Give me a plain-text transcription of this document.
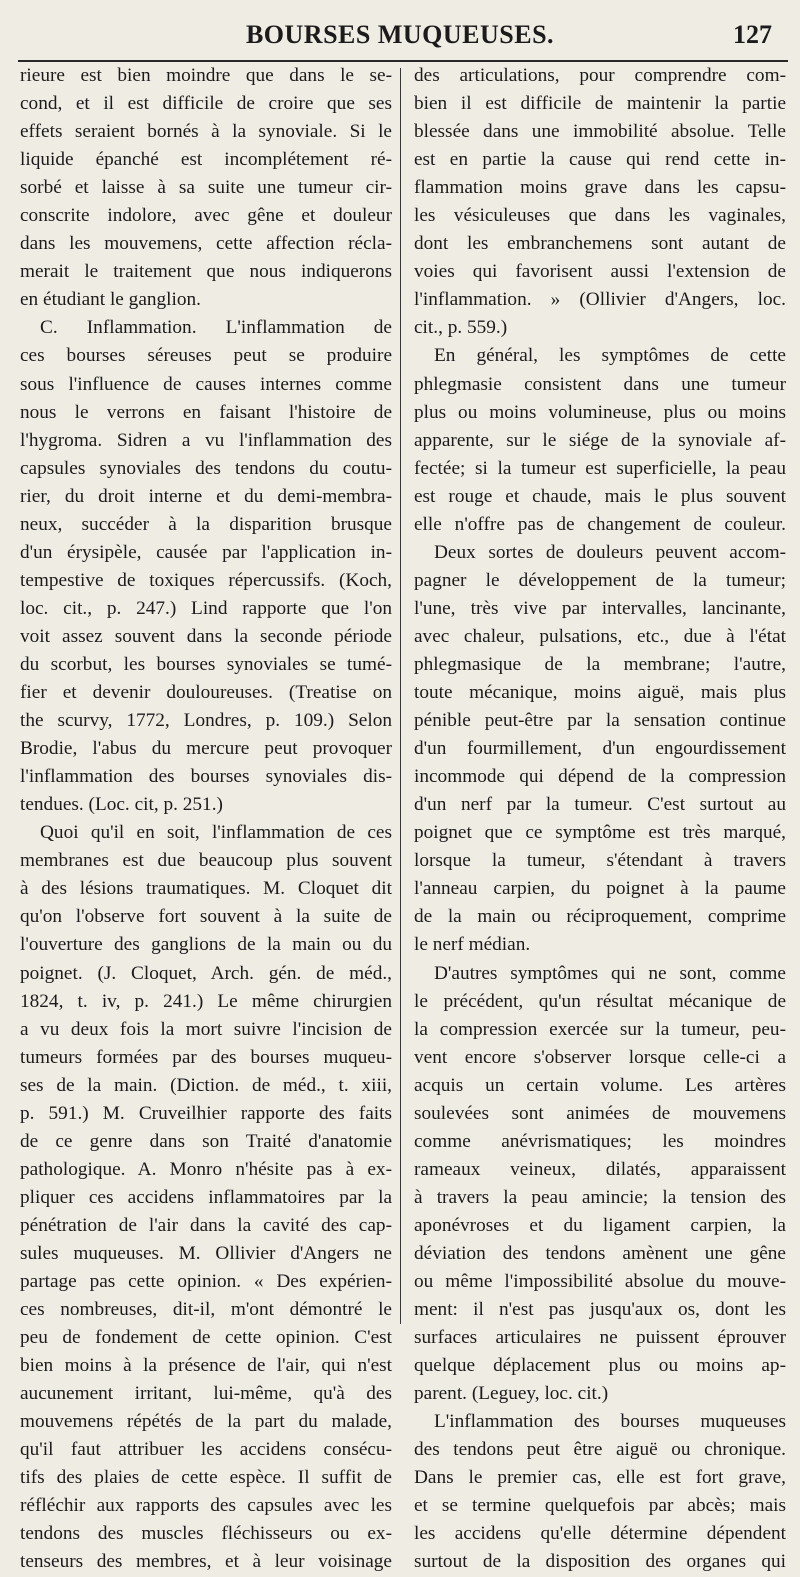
BOURSES MUQUEUSES.	127
rieure est bien moindre que dans le se-
cond, et il est difficile de croire que ses
effets seraient bornés à la synoviale. Si le
liquide épanché est incomplétement ré-
sorbé et laisse à sa suite une tumeur cir-
conscrite indolore, avec gêne et douleur
dans les mouvemens, cette affection récla-
merait le traitement que nous indiquerons
en étudiant le ganglion.
C. Inflammation. L'inflammation de
ces bourses séreuses peut se produire
sous l'influence de causes internes comme
nous le verrons en faisant l'histoire de
l'hygroma. Sidren a vu l'inflammation des
capsules synoviales des tendons du coutu-
rier, du droit interne et du demi-membra-
neux, succéder à la disparition brusque
d'un érysipèle, causée par l'application in-
tempestive de toxiques répercussifs. (Koch,
loc. cit., p. 247.) Lind rapporte que l'on
voit assez souvent dans la seconde période
du scorbut, les bourses synoviales se tumé-
fier et devenir douloureuses. (Treatise on
the scurvy, 1772, Londres, p. 109.) Selon
Brodie, l'abus du mercure peut provoquer
l'inflammation des bourses synoviales dis-
tendues. (Loc. cit, p. 251.)
Quoi qu'il en soit, l'inflammation de ces
membranes est due beaucoup plus souvent
à des lésions traumatiques. M. Cloquet dit
qu'on l'observe fort souvent à la suite de
l'ouverture des ganglions de la main ou du
poignet. (J. Cloquet, Arch. gén. de méd.,
1824, t. iv, p. 241.) Le même chirurgien
a vu deux fois la mort suivre l'incision de
tumeurs formées par des bourses muqueu-
ses de la main. (Diction. de méd., t. xiii,
p. 591.) M. Cruveilhier rapporte des faits
de ce genre dans son Traité d'anatomie
pathologique. A. Monro n'hésite pas à ex-
pliquer ces accidens inflammatoires par la
pénétration de l'air dans la cavité des cap-
sules muqueuses. M. Ollivier d'Angers ne
partage pas cette opinion. « Des expérien-
ces nombreuses, dit-il, m'ont démontré le
peu de fondement de cette opinion. C'est
bien moins à la présence de l'air, qui n'est
aucunement irritant, lui-même, qu'à des
mouvemens répétés de la part du malade,
qu'il faut attribuer les accidens consécu-
tifs des plaies de cette espèce. Il suffit de
réfléchir aux rapports des capsules avec les
tendons des muscles fléchisseurs ou ex-
tenseurs des membres, et à leur voisinage
des articulations, pour comprendre com-
bien il est difficile de maintenir la partie
blessée dans une immobilité absolue. Telle
est en partie la cause qui rend cette in-
flammation moins grave dans les capsu-
les vésiculeuses que dans les vaginales,
dont les embranchemens sont autant de
voies qui favorisent aussi l'extension de
l'inflammation. » (Ollivier d'Angers, loc.
cit., p. 559.)
En général, les symptômes de cette
phlegmasie consistent dans une tumeur
plus ou moins volumineuse, plus ou moins
apparente, sur le siége de la synoviale af-
fectée; si la tumeur est superficielle, la peau
est rouge et chaude, mais le plus souvent
elle n'offre pas de changement de couleur.
Deux sortes de douleurs peuvent accom-
pagner le développement de la tumeur;
l'une, très vive par intervalles, lancinante,
avec chaleur, pulsations, etc., due à l'état
phlegmasique de la membrane; l'autre,
toute mécanique, moins aiguë, mais plus
pénible peut-être par la sensation continue
d'un fourmillement, d'un engourdissement
incommode qui dépend de la compression
d'un nerf par la tumeur. C'est surtout au
poignet que ce symptôme est très marqué,
lorsque la tumeur, s'étendant à travers
l'anneau carpien, du poignet à la paume
de la main ou réciproquement, comprime
le nerf médian.
D'autres symptômes qui ne sont, comme
le précédent, qu'un résultat mécanique de
la compression exercée sur la tumeur, peu-
vent encore s'observer lorsque celle-ci a
acquis un certain volume. Les artères
soulevées sont animées de mouvemens
comme anévrismatiques; les moindres
rameaux veineux, dilatés, apparaissent
à travers la peau amincie; la tension des
aponévroses et du ligament carpien, la
déviation des tendons amènent une gêne
ou même l'impossibilité absolue du mouve-
ment: il n'est pas jusqu'aux os, dont les
surfaces articulaires ne puissent éprouver
quelque déplacement plus ou moins ap-
parent. (Leguey, loc. cit.)
L'inflammation des bourses muqueuses
des tendons peut être aiguë ou chronique.
Dans le premier cas, elle est fort grave,
et se termine quelquefois par abcès; mais
les accidens qu'elle détermine dépendent
surtout de la disposition des organes qui
